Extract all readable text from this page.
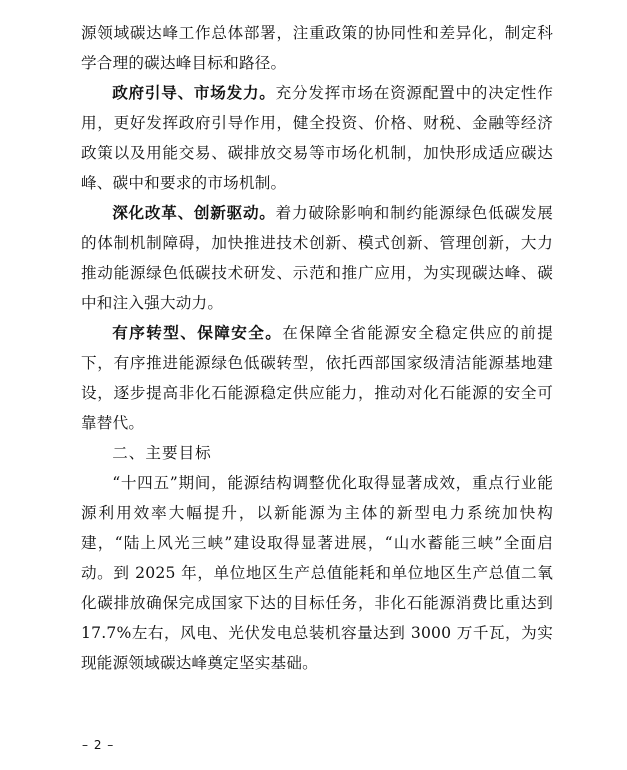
源领域碳达峰工作总体部署，注重政策的协同性和差异化，制定科学合理的碳达峰目标和路径。

政府引导、市场发力。充分发挥市场在资源配置中的决定性作用，更好发挥政府引导作用，健全投资、价格、财税、金融等经济政策以及用能交易、碳排放交易等市场化机制，加快形成适应碳达峰、碳中和要求的市场机制。

深化改革、创新驱动。着力破除影响和制约能源绿色低碳发展的体制机制障碍，加快推进技术创新、模式创新、管理创新，大力推动能源绿色低碳技术研发、示范和推广应用，为实现碳达峰、碳中和注入强大动力。

有序转型、保障安全。在保障全省能源安全稳定供应的前提下，有序推进能源绿色低碳转型，依托西部国家级清洁能源基地建设，逐步提高非化石能源稳定供应能力，推动对化石能源的安全可靠替代。

二、主要目标

“十四五”期间，能源结构调整优化取得显著成效，重点行业能源利用效率大幅提升，以新能源为主体的新型电力系统加快构建，“陆上风光三峡”建设取得显著进展，“山水蓄能三峡”全面启动。到 2025 年，单位地区生产总值能耗和单位地区生产总值二氧化碳排放确保完成国家下达的目标任务，非化石能源消费比重达到 17.7%左右，风电、光伏发电总装机容量达到 3000 万千瓦，为实现能源领域碳达峰奠定坚实基础。

– 2 –
